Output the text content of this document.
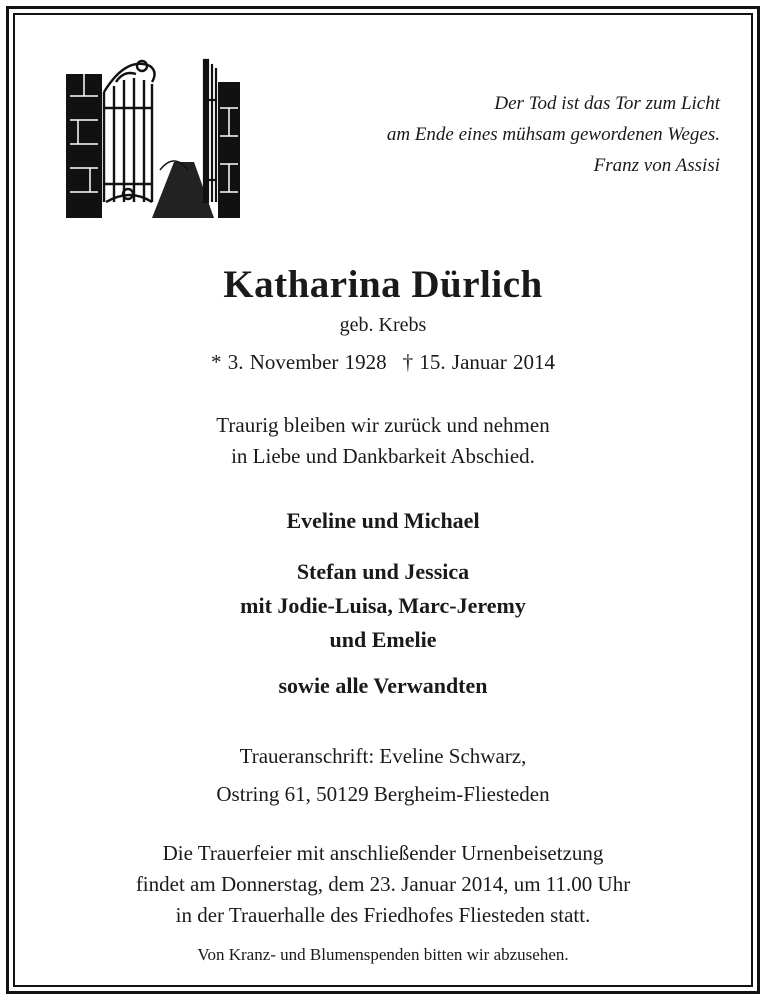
Der Tod ist das Tor zum Licht
am Ende eines mühsam gewordenen Weges.
Franz von Assisi
Katharina Dürlich
geb. Krebs
* 3. November 1928 † 15. Januar 2014
Traurig bleiben wir zurück und nehmen
in Liebe und Dankbarkeit Abschied.
Eveline und Michael
Stefan und Jessica
mit Jodie-Luisa, Marc-Jeremy
und Emelie
sowie alle Verwandten
Traueranschrift: Eveline Schwarz,
Ostring 61, 50129 Bergheim-Fliesteden
Die Trauerfeier mit anschließender Urnenbeisetzung
findet am Donnerstag, dem 23. Januar 2014, um 11.00 Uhr
in der Trauerhalle des Friedhofes Fliesteden statt.
Von Kranz- und Blumenspenden bitten wir abzusehen.
